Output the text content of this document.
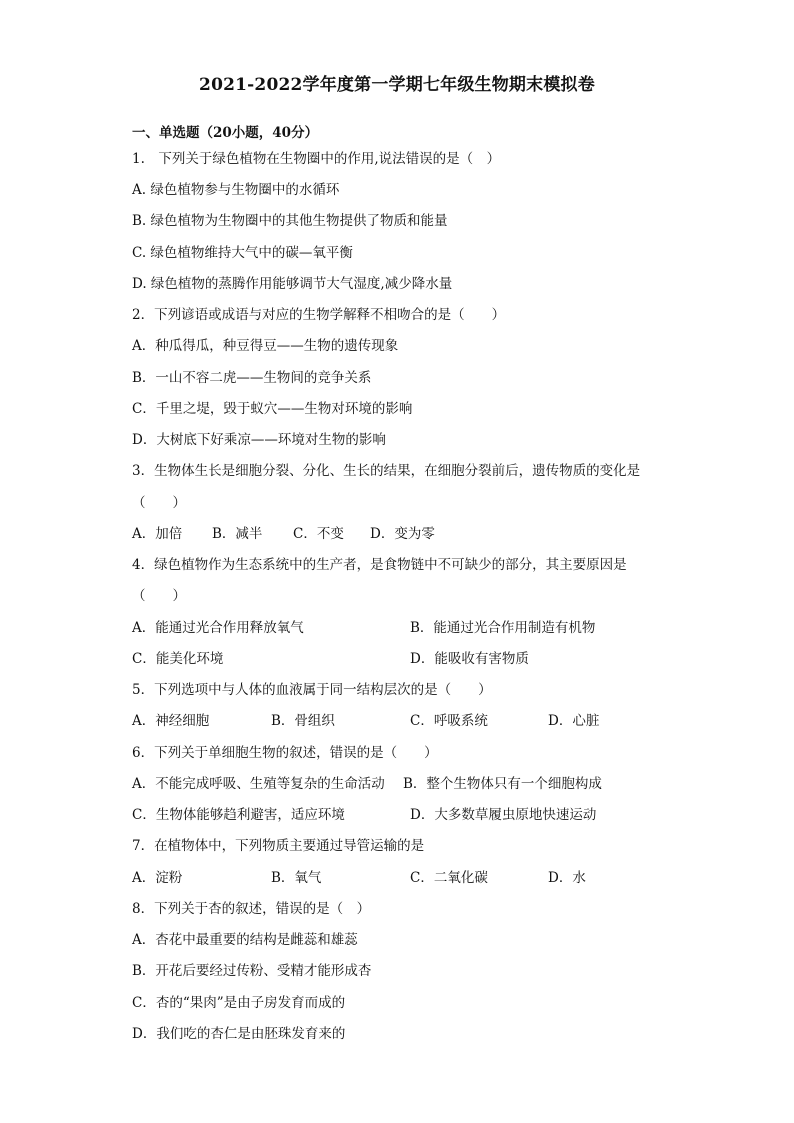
2021-2022学年度第一学期七年级生物期末模拟卷
一、单选题（20小题，40分）
1.　下列关于绿色植物在生物圈中的作用,说法错误的是（　）
A. 绿色植物参与生物圈中的水循环
B. 绿色植物为生物圈中的其他生物提供了物质和能量
C. 绿色植物维持大气中的碳—氧平衡
D. 绿色植物的蒸腾作用能够调节大气湿度,减少降水量
2．下列谚语或成语与对应的生物学解释不相吻合的是（　　）
A．种瓜得瓜，种豆得豆——生物的遗传现象
B．一山不容二虎——生物间的竞争关系
C．千里之堤，毁于蚁穴——生物对环境的影响
D．大树底下好乘凉——环境对生物的影响
3．生物体生长是细胞分裂、分化、生长的结果，在细胞分裂前后，遗传物质的变化是
（　　）
A．加倍 B．减半 C．不变 D．变为零
4．绿色植物作为生态系统中的生产者，是食物链中不可缺少的部分，其主要原因是
（　　）
A．能通过光合作用释放氧气	B．能通过光合作用制造有机物
C．能美化环境	D．能吸收有害物质
5．下列选项中与人体的血液属于同一结构层次的是（　　）
A．神经细胞	B．骨组织	C．呼吸系统	D．心脏
6．下列关于单细胞生物的叙述，错误的是（　　）
A．不能完成呼吸、生殖等复杂的生命活动 B．整个生物体只有一个细胞构成
C．生物体能够趋利避害，适应环境	D．大多数草履虫原地快速运动
7．在植物体中，下列物质主要通过导管运输的是
A．淀粉	B．氧气	C．二氧化碳	D．水
8．下列关于杏的叙述，错误的是（　）
A．杏花中最重要的结构是雌蕊和雄蕊
B．开花后要经过传粉、受精才能形成杏
C．杏的“果肉”是由子房发育而成的
D．我们吃的杏仁是由胚珠发育来的
